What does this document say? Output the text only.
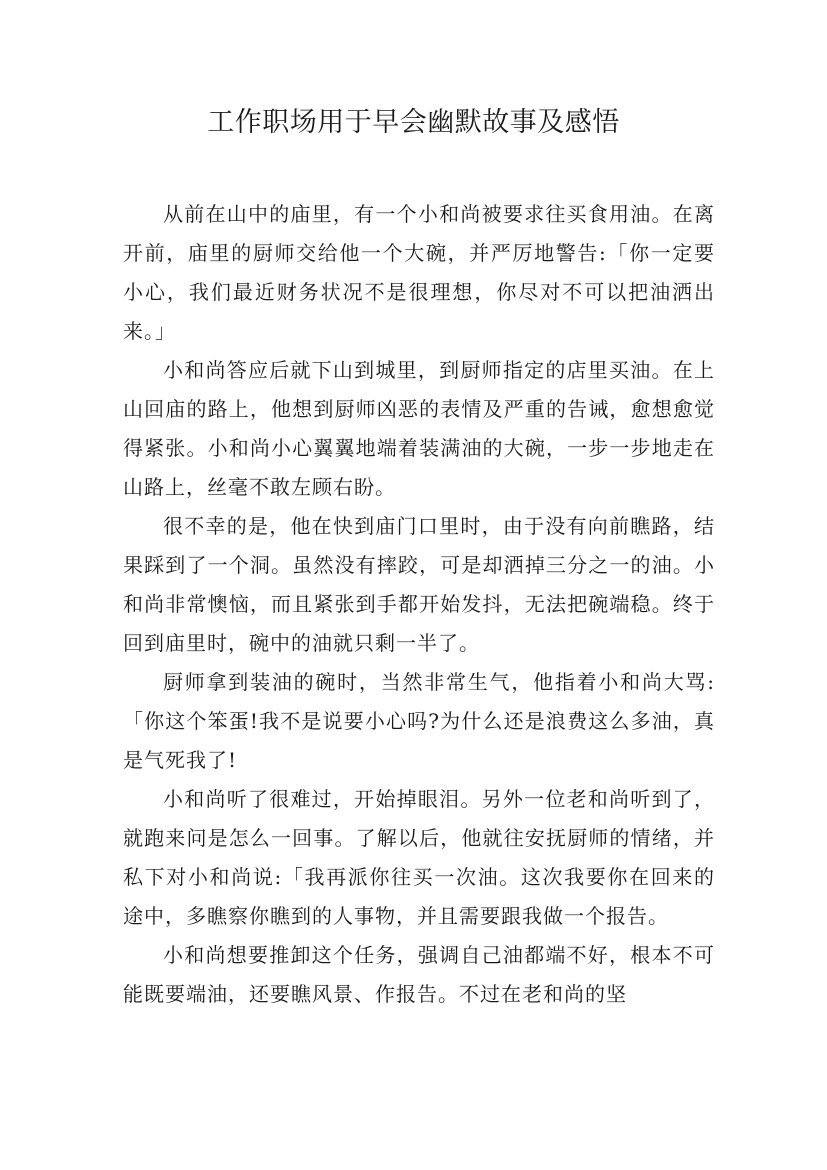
工作职场用于早会幽默故事及感悟

从前在山中的庙里，有一个小和尚被要求往买食用油。在离开前，庙里的厨师交给他一个大碗，并严厉地警告:「你一定要小心，我们最近财务状况不是很理想，你尽对不可以把油洒出来。」

小和尚答应后就下山到城里，到厨师指定的店里买油。在上山回庙的路上，他想到厨师凶恶的表情及严重的告诫，愈想愈觉得紧张。小和尚小心翼翼地端着装满油的大碗，一步一步地走在山路上，丝毫不敢左顾右盼。

很不幸的是，他在快到庙门口里时，由于没有向前瞧路，结果踩到了一个洞。虽然没有摔跤，可是却洒掉三分之一的油。小和尚非常懊恼，而且紧张到手都开始发抖，无法把碗端稳。终于回到庙里时，碗中的油就只剩一半了。

厨师拿到装油的碗时，当然非常生气，他指着小和尚大骂:「你这个笨蛋!我不是说要小心吗?为什么还是浪费这么多油，真是气死我了!

小和尚听了很难过，开始掉眼泪。另外一位老和尚听到了，就跑来问是怎么一回事。了解以后，他就往安抚厨师的情绪，并私下对小和尚说:「我再派你往买一次油。这次我要你在回来的途中，多瞧察你瞧到的人事物，并且需要跟我做一个报告。

小和尚想要推卸这个任务，强调自己油都端不好，根本不可能既要端油，还要瞧风景、作报告。不过在老和尚的坚
